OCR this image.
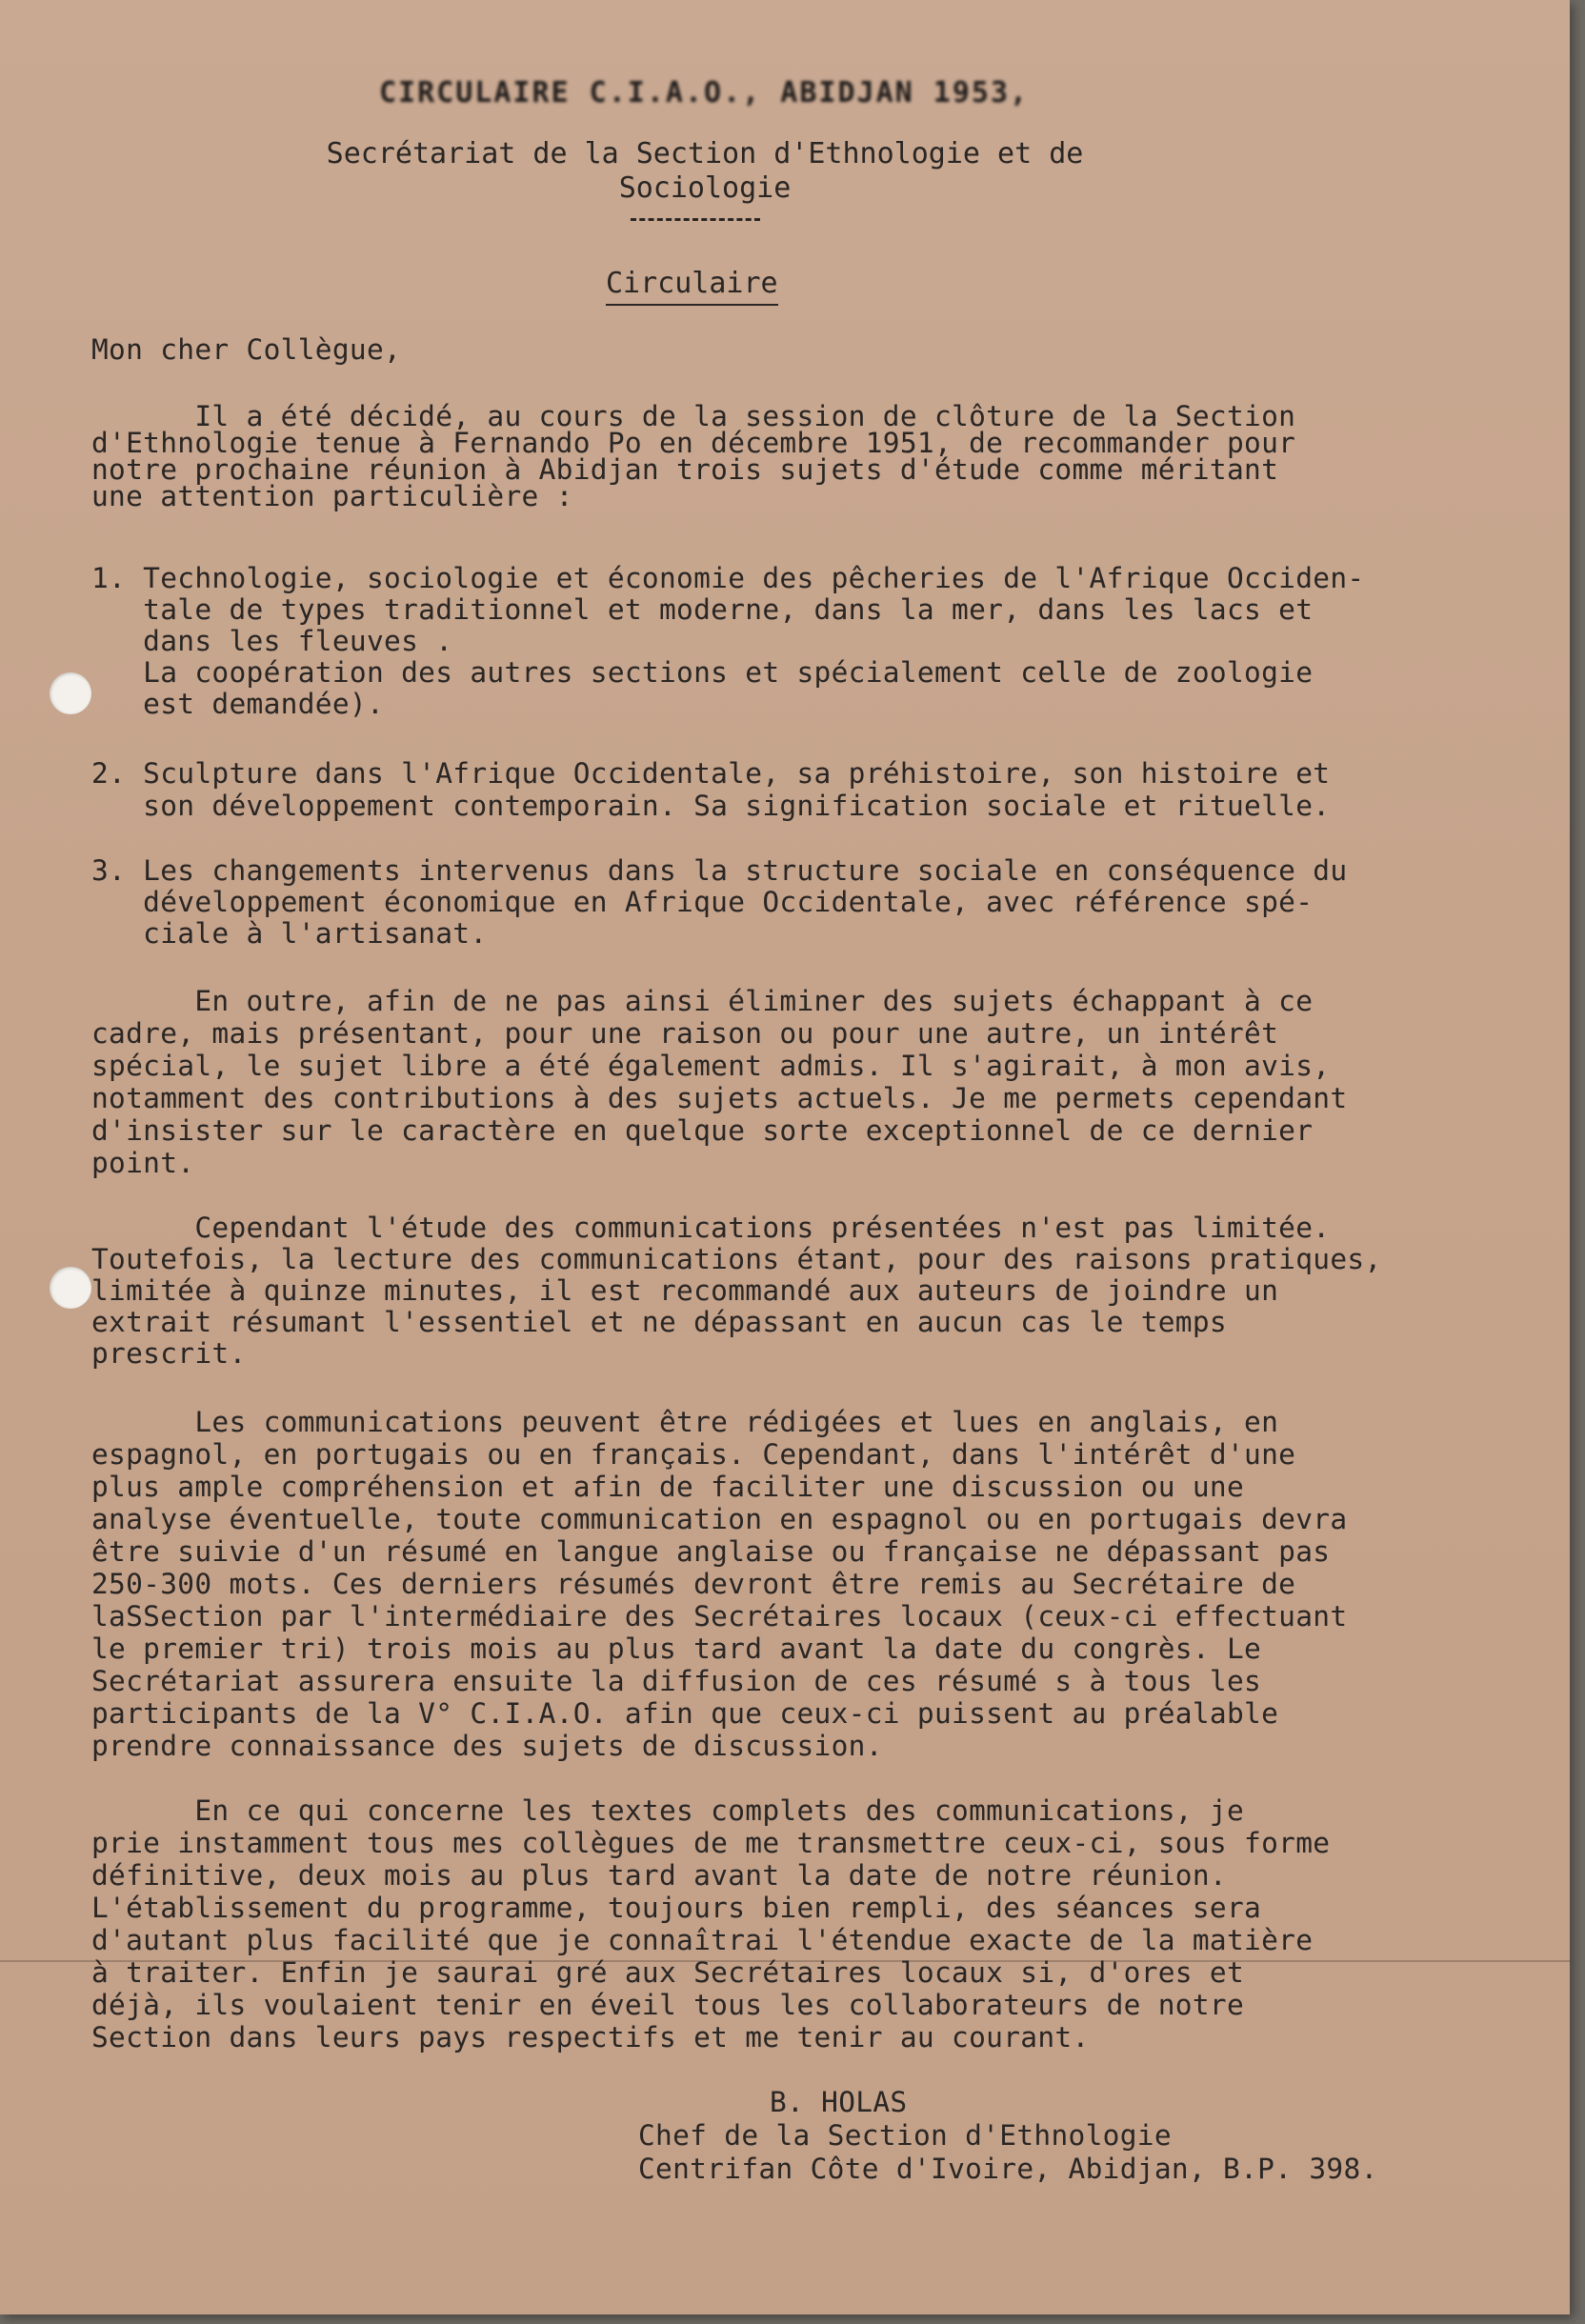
CIRCULAIRE C.I.A.O., ABIDJAN 1953,
Secrétariat de la Section d'Ethnologie et de
Sociologie
Circulaire
Mon cher Collègue,
Il a été décidé, au cours de la session de clôture de la Section
d'Ethnologie tenue à Fernando Po en décembre 1951, de recommander pour
notre prochaine réunion à Abidjan trois sujets d'étude comme méritant
une attention particulière :
1. Technologie, sociologie et économie des pêcheries de l'Afrique Occiden-
tale de types traditionnel et moderne, dans la mer, dans les lacs et
dans les fleuves .
La coopération des autres sections et spécialement celle de zoologie
est demandée).
2. Sculpture dans l'Afrique Occidentale, sa préhistoire, son histoire et
son développement contemporain. Sa signification sociale et rituelle.
3. Les changements intervenus dans la structure sociale en conséquence du
développement économique en Afrique Occidentale, avec référence spé-
ciale à l'artisanat.
En outre, afin de ne pas ainsi éliminer des sujets échappant à ce
cadre, mais présentant, pour une raison ou pour une autre, un intérêt
spécial, le sujet libre a été également admis. Il s'agirait, à mon avis,
notamment des contributions à des sujets actuels. Je me permets cependant
d'insister sur le caractère en quelque sorte exceptionnel de ce dernier
point.
Cependant l'étude des communications présentées n'est pas limitée.
Toutefois, la lecture des communications étant, pour des raisons pratiques,
limitée à quinze minutes, il est recommandé aux auteurs de joindre un
extrait résumant l'essentiel et ne dépassant en aucun cas le temps
prescrit.
Les communications peuvent être rédigées et lues en anglais, en
espagnol, en portugais ou en français. Cependant, dans l'intérêt d'une
plus ample compréhension et afin de faciliter une discussion ou une
analyse éventuelle, toute communication en espagnol ou en portugais devra
être suivie d'un résumé en langue anglaise ou française ne dépassant pas
250-300 mots. Ces derniers résumés devront être remis au Secrétaire de
laSSection par l'intermédiaire des Secrétaires locaux (ceux-ci effectuant
le premier tri) trois mois au plus tard avant la date du congrès. Le
Secrétariat assurera ensuite la diffusion de ces résumé s à tous les
participants de la V° C.I.A.O. afin que ceux-ci puissent au préalable
prendre connaissance des sujets de discussion.
En ce qui concerne les textes complets des communications, je
prie instamment tous mes collègues de me transmettre ceux-ci, sous forme
définitive, deux mois au plus tard avant la date de notre réunion.
L'établissement du programme, toujours bien rempli, des séances sera
d'autant plus facilité que je connaîtrai l'étendue exacte de la matière
à traiter. Enfin je saurai gré aux Secrétaires locaux si, d'ores et
déjà, ils voulaient tenir en éveil tous les collaborateurs de notre
Section dans leurs pays respectifs et me tenir au courant.
B. HOLAS
Chef de la Section d'Ethnologie
Centrifan Côte d'Ivoire, Abidjan, B.P. 398.
